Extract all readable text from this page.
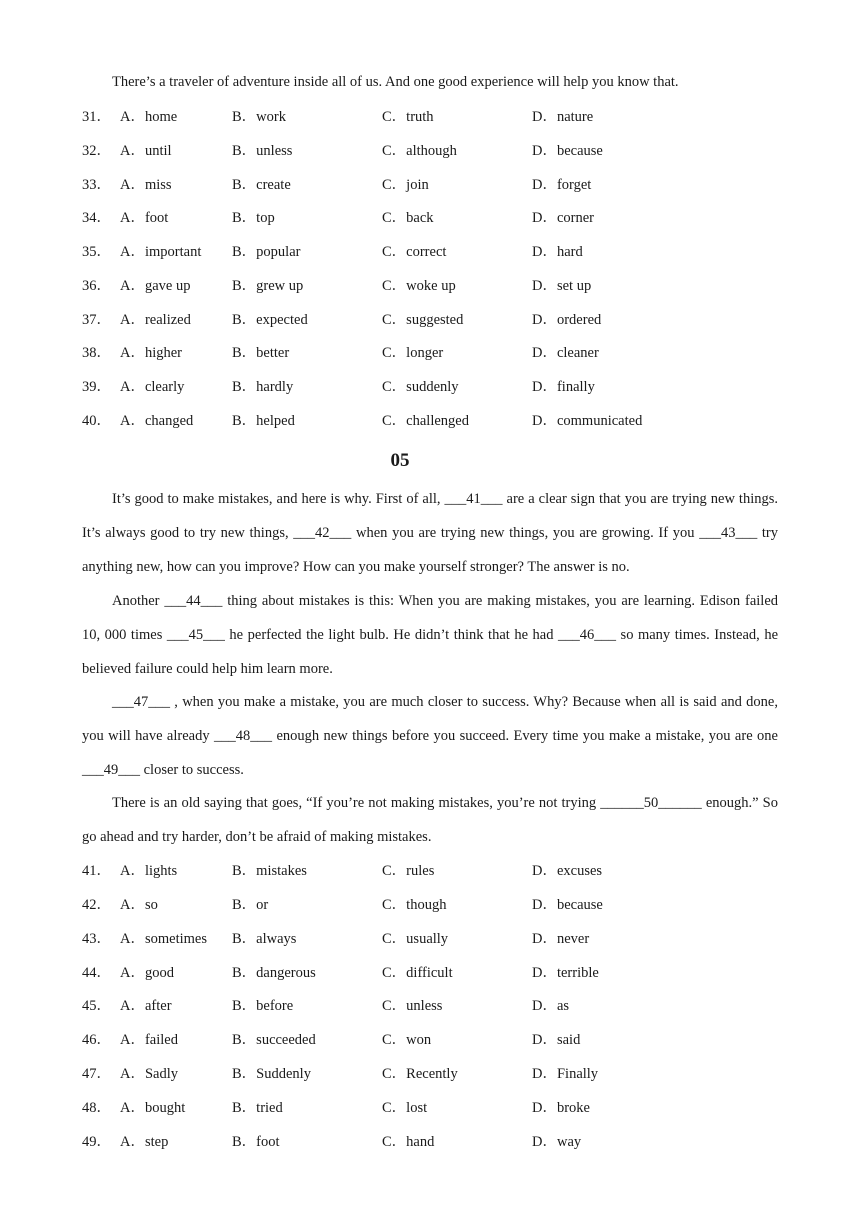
There’s a traveler of adventure inside all of us. And one good experience will help you know that.

31． A．home	B．work	C．truth	D．nature
32． A．until	B．unless	C．although	D．because
33． A．miss	B．create	C．join	D．forget
34． A．foot	B．top	C．back	D．corner
35． A．important B．popular	C．correct	D．hard
36． A．gave up	B．grew up	C．woke up	D．set up
37． A．realized	B．expected	C．suggested	D．ordered
38． A．higher	B．better	C．longer	D．cleaner
39． A．clearly	B．hardly	C．suddenly	D．finally
40． A．changed	B．helped	C．challenged	D．communicated
05

It’s good to make mistakes, and here is why. First of all, ___41___ are a clear sign that you are trying new things. It’s always good to try new things, ___42___ when you are trying new things, you are growing. If you ___43___ try anything new, how can you improve? How can you make yourself stronger? The answer is no.

Another ___44___ thing about mistakes is this: When you are making mistakes, you are learning. Edison failed 10, 000 times ___45___ he perfected the light bulb. He didn’t think that he had ___46___ so many times. Instead, he believed failure could help him learn more.

___47___ , when you make a mistake, you are much closer to success. Why? Because when all is said and done, you will have already ___48___ enough new things before you succeed. Every time you make a mistake, you are one ___49___ closer to success.

There is an old saying that goes, “If you’re not making mistakes, you’re not trying ______50______ enough.” So go ahead and try harder, don’t be afraid of making mistakes.

41． A．lights	B．mistakes	C．rules	D．excuses
42． A．so	B．or	C．though	D．because
43． A．sometimes B．always	C．usually	D．never
44． A．good	B．dangerous	C．difficult	D．terrible
45． A．after	B．before	C．unless	D．as
46． A．failed	B．succeeded	C．won	D．said
47． A．Sadly	B．Suddenly	C．Recently	D．Finally
48． A．bought	B．tried	C．lost	D．broke
49． A．step	B．foot	C．hand	D．way
